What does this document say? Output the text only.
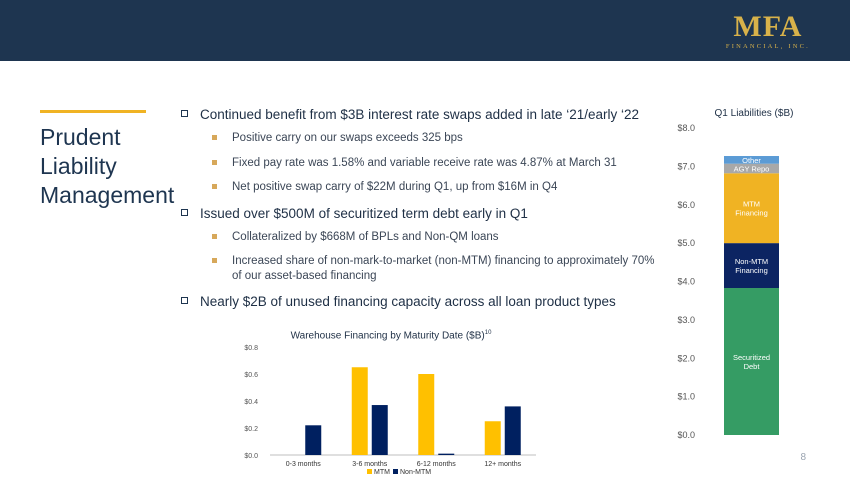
MFA
FINANCIAL, INC.
Prudent
Liability
Management
Continued benefit from $3B interest rate swaps added in late ‘21/early ‘22
Positive carry on our swaps exceeds 325 bps
Fixed pay rate was 1.58% and variable receive rate was 4.87% at March 31
Net positive swap carry of $22M during Q1, up from $16M in Q4
Issued over $500M of securitized term debt early in Q1
Collateralized by $668M of BPLs and Non-QM loans
Increased share of non-mark-to-market (non-MTM) financing to approximately 70% of our asset-based financing
Nearly $2B of unused financing capacity across all loan product types
Warehouse Financing by Maturity Date ($B)$^{10}$
$0.0
$0.2
$0.4
$0.6
$0.8
0-3 months	3-6 months	6-12 months	12+ months
MTM Non-MTM
Q1 Liabilities ($B)
$0.0
$1.0
$2.0
$3.0
$4.0
$5.0
$6.0
$7.0
$8.0
Securitized
Debt
Non-MTM
Financing
MTM
Financing
AGY Repo
Other
8
